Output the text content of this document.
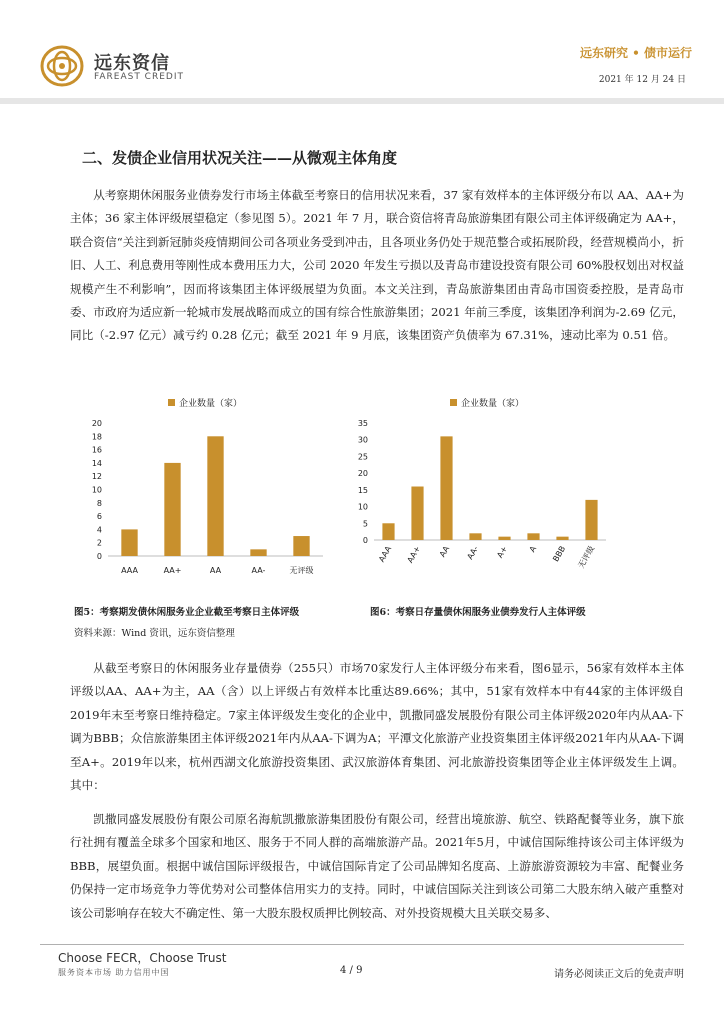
远东资信
FAREAST CREDIT
远东研究 • 债市运行
2021 年 12 月 24 日
二、发债企业信用状况关注——从微观主体角度

从考察期休闲服务业债券发行市场主体截至考察日的信用状况来看，37 家有效样本的主体评级分布以 AA、AA+为主体；36 家主体评级展望稳定（参见图 5）。2021 年 7 月，联合资信将青岛旅游集团有限公司主体评级确定为 AA+，联合资信“关注到新冠肺炎疫情期间公司各项业务受到冲击，且各项业务仍处于规范整合或拓展阶段，经营规模尚小，折旧、人工、利息费用等刚性成本费用压力大，公司 2020 年发生亏损以及青岛市建设投资有限公司 60%股权划出对权益规模产生不利影响”，因而将该集团主体评级展望为负面。本文关注到，青岛旅游集团由青岛市国资委控股，是青岛市委、市政府为适应新一轮城市发展战略而成立的国有综合性旅游集团；2021 年前三季度，该集团净利润为-2.69 亿元，同比（-2.97 亿元）减亏约 0.28 亿元；截至 2021 年 9 月底，该集团资产负债率为 67.31%，速动比率为 0.51 倍。

企业数量（家）
0
2
4
6
8
10
12
14
16
18
20
AAA	AA+	AA	AA-	无评级
企业数量（家）
0
5
10
15
20
25
30
35
AAA AA+ AA AA- A+ A BBB 无评级
图5：考察期发债休闲服务业企业截至考察日主体评级	图6：考察日存量债休闲服务业债券发行人主体评级
资料来源：Wind 资讯，远东资信整理

从截至考察日的休闲服务业存量债券（255只）市场70家发行人主体评级分布来看，图6显示，56家有效样本主体评级以AA、AA+为主，AA（含）以上评级占有效样本比重达89.66%；其中，51家有效样本中有44家的主体评级自2019年末至考察日维持稳定。7家主体评级发生变化的企业中，凯撒同盛发展股份有限公司主体评级2020年内从AA-下调为BBB；众信旅游集团主体评级2021年内从AA-下调为A；平潭文化旅游产业投资集团主体评级2021年内从AA-下调至A+。2019年以来，杭州西湖文化旅游投资集团、武汉旅游体育集团、河北旅游投资集团等企业主体评级发生上调。其中：

凯撒同盛发展股份有限公司原名海航凯撒旅游集团股份有限公司，经营出境旅游、航空、铁路配餐等业务，旗下旅行社拥有覆盖全球多个国家和地区、服务于不同人群的高端旅游产品。2021年5月，中诚信国际维持该公司主体评级为BBB，展望负面。根据中诚信国际评级报告，中诚信国际肯定了公司品牌知名度高、上游旅游资源较为丰富、配餐业务仍保持一定市场竞争力等优势对公司整体信用实力的支持。同时，中诚信国际关注到该公司第二大股东纳入破产重整对该公司影响存在较大不确定性、第一大股东股权质押比例较高、对外投资规模大且关联交易多、

Choose FECR，Choose Trust
服务资本市场 助力信用中国	4 / 9	请务必阅读正文后的免责声明
